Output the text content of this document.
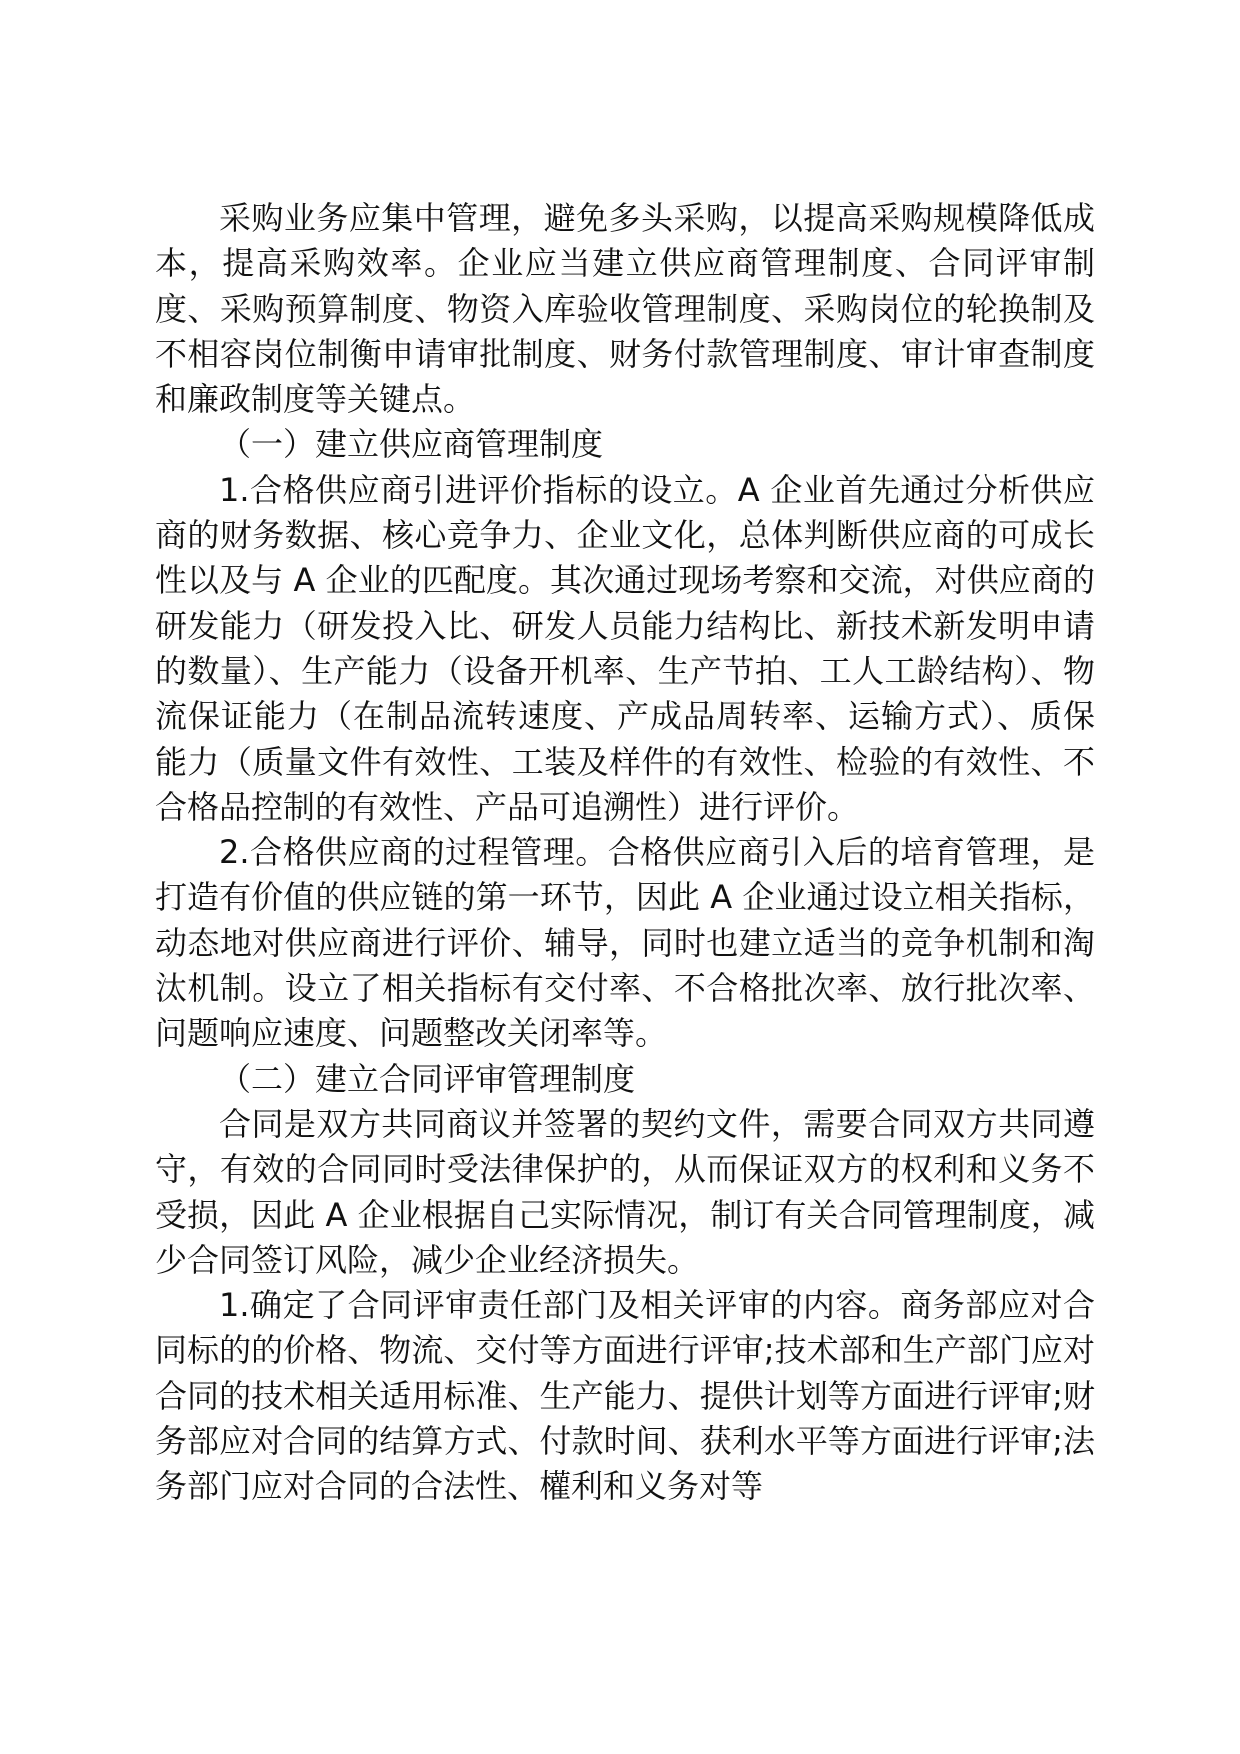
采购业务应集中管理，避免多头采购，以提高采购规模降低成本，提高采购效率。企业应当建立供应商管理制度、合同评审制度、采购预算制度、物资入库验收管理制度、采购岗位的轮换制及不相容岗位制衡申请审批制度、财务付款管理制度、审计审查制度和廉政制度等关键点。

（一）建立供应商管理制度

1.合格供应商引进评价指标的设立。A 企业首先通过分析供应商的财务数据、核心竞争力、企业文化，总体判断供应商的可成长性以及与 A 企业的匹配度。其次通过现场考察和交流，对供应商的研发能力（研发投入比、研发人员能力结构比、新技术新发明申请的数量）、生产能力（设备开机率、生产节拍、工人工龄结构）、物流保证能力（在制品流转速度、产成品周转率、运输方式）、质保能力（质量文件有效性、工装及样件的有效性、检验的有效性、不合格品控制的有效性、产品可追溯性）进行评价。

2.合格供应商的过程管理。合格供应商引入后的培育管理，是打造有价值的供应链的第一环节，因此 A 企业通过设立相关指标，动态地对供应商进行评价、辅导，同时也建立适当的竞争机制和淘汰机制。设立了相关指标有交付率、不合格批次率、放行批次率、问题响应速度、问题整改关闭率等。

（二）建立合同评审管理制度

合同是双方共同商议并签署的契约文件，需要合同双方共同遵守，有效的合同同时受法律保护的，从而保证双方的权利和义务不受损，因此 A 企业根据自己实际情况，制订有关合同管理制度，减少合同签订风险，减少企业经济损失。

1.确定了合同评审责任部门及相关评审的内容。商务部应对合同标的的价格、物流、交付等方面进行评审;技术部和生产部门应对合同的技术相关适用标准、生产能力、提供计划等方面进行评审;财务部应对合同的结算方式、付款时间、获利水平等方面进行评审;法务部门应对合同的合法性、權利和义务对等
